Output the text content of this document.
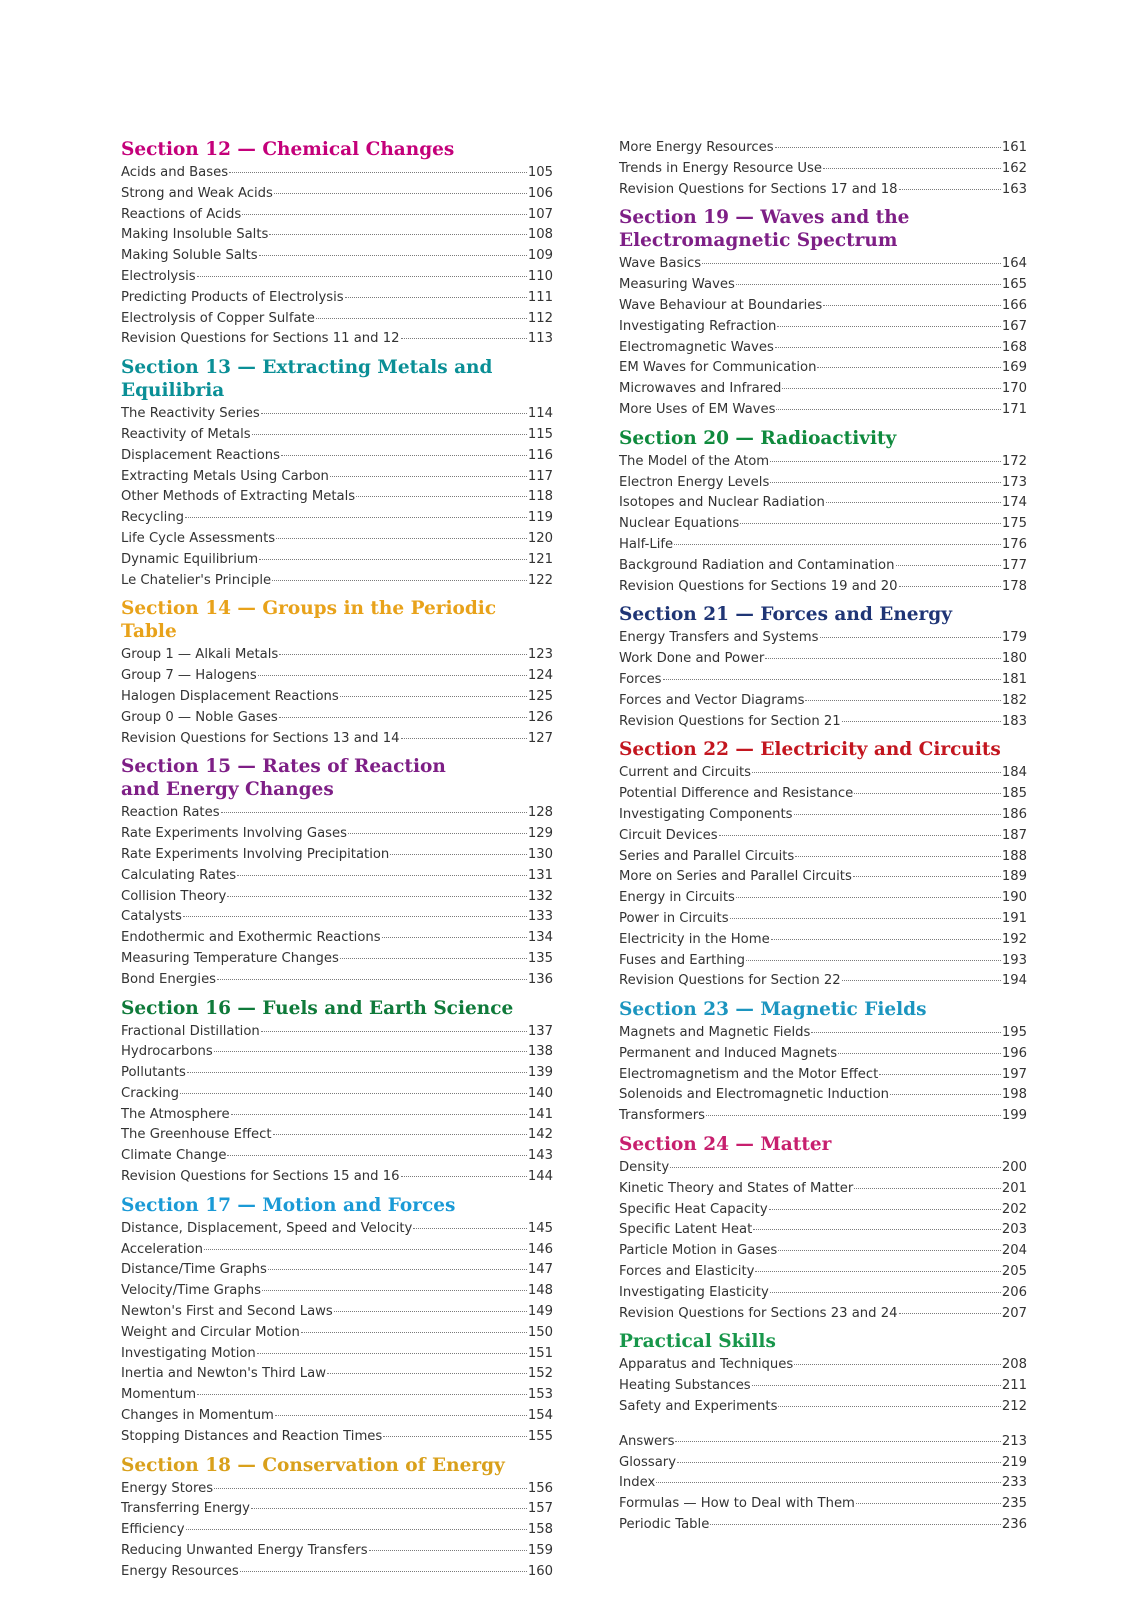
Section 12 — Chemical Changes
Acids and Bases	105
Strong and Weak Acids	106
Reactions of Acids	107
Making Insoluble Salts	108
Making Soluble Salts	109
Electrolysis	110
Predicting Products of Electrolysis	111
Electrolysis of Copper Sulfate	112
Revision Questions for Sections 11 and 12	113
Section 13 — Extracting Metals and Equilibria
The Reactivity Series	114
Reactivity of Metals	115
Displacement Reactions	116
Extracting Metals Using Carbon	117
Other Methods of Extracting Metals	118
Recycling	119
Life Cycle Assessments	120
Dynamic Equilibrium	121
Le Chatelier's Principle	122
Section 14 — Groups in the Periodic Table
Group 1 — Alkali Metals	123
Group 7 — Halogens	124
Halogen Displacement Reactions	125
Group 0 — Noble Gases	126
Revision Questions for Sections 13 and 14	127
Section 15 — Rates of Reaction
and Energy Changes
Reaction Rates	128
Rate Experiments Involving Gases	129
Rate Experiments Involving Precipitation	130
Calculating Rates	131
Collision Theory	132
Catalysts	133
Endothermic and Exothermic Reactions	134
Measuring Temperature Changes	135
Bond Energies	136
Section 16 — Fuels and Earth Science
Fractional Distillation	137
Hydrocarbons	138
Pollutants	139
Cracking	140
The Atmosphere	141
The Greenhouse Effect	142
Climate Change	143
Revision Questions for Sections 15 and 16	144
Section 17 — Motion and Forces
Distance, Displacement, Speed and Velocity	145
Acceleration	146
Distance/Time Graphs	147
Velocity/Time Graphs	148
Newton's First and Second Laws	149
Weight and Circular Motion	150
Investigating Motion	151
Inertia and Newton's Third Law	152
Momentum	153
Changes in Momentum	154
Stopping Distances and Reaction Times	155
Section 18 — Conservation of Energy
Energy Stores	156
Transferring Energy	157
Efficiency	158
Reducing Unwanted Energy Transfers	159
Energy Resources	160
More Energy Resources	161
Trends in Energy Resource Use	162
Revision Questions for Sections 17 and 18	163
Section 19 — Waves and the
Electromagnetic Spectrum
Wave Basics	164
Measuring Waves	165
Wave Behaviour at Boundaries	166
Investigating Refraction	167
Electromagnetic Waves	168
EM Waves for Communication	169
Microwaves and Infrared	170
More Uses of EM Waves	171
Section 20 — Radioactivity
The Model of the Atom	172
Electron Energy Levels	173
Isotopes and Nuclear Radiation	174
Nuclear Equations	175
Half-Life	176
Background Radiation and Contamination	177
Revision Questions for Sections 19 and 20	178
Section 21 — Forces and Energy
Energy Transfers and Systems	179
Work Done and Power	180
Forces	181
Forces and Vector Diagrams	182
Revision Questions for Section 21	183
Section 22 — Electricity and Circuits
Current and Circuits	184
Potential Difference and Resistance	185
Investigating Components	186
Circuit Devices	187
Series and Parallel Circuits	188
More on Series and Parallel Circuits	189
Energy in Circuits	190
Power in Circuits	191
Electricity in the Home	192
Fuses and Earthing	193
Revision Questions for Section 22	194
Section 23 — Magnetic Fields
Magnets and Magnetic Fields	195
Permanent and Induced Magnets	196
Electromagnetism and the Motor Effect	197
Solenoids and Electromagnetic Induction	198
Transformers	199
Section 24 — Matter
Density	200
Kinetic Theory and States of Matter	201
Specific Heat Capacity	202
Specific Latent Heat	203
Particle Motion in Gases	204
Forces and Elasticity	205
Investigating Elasticity	206
Revision Questions for Sections 23 and 24	207
Practical Skills
Apparatus and Techniques	208
Heating Substances	211
Safety and Experiments	212
Answers	213
Glossary	219
Index	233
Formulas — How to Deal with Them	235
Periodic Table	236
